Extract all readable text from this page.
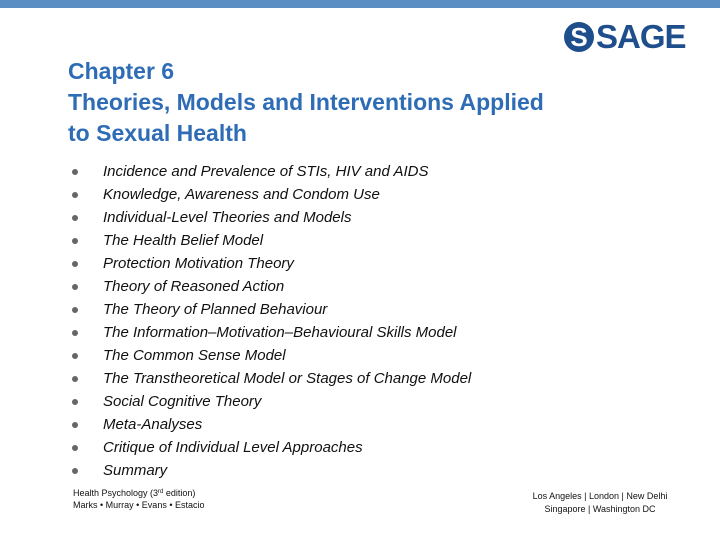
S SAGE
Chapter 6
Theories, Models and Interventions Applied
to Sexual Health
Incidence and Prevalence of STIs, HIV and AIDS
Knowledge, Awareness and Condom Use
Individual-Level Theories and Models
The Health Belief Model
Protection Motivation Theory
Theory of Reasoned Action
The Theory of Planned Behaviour
The Information–Motivation–Behavioural Skills Model
The Common Sense Model
The Transtheoretical Model or Stages of Change Model
Social Cognitive Theory
Meta-Analyses
Critique of Individual Level Approaches
Summary
Health Psychology (3rd edition)
Marks • Murray • Evans • Estacio
Los Angeles | London | New Delhi
Singapore | Washington DC
